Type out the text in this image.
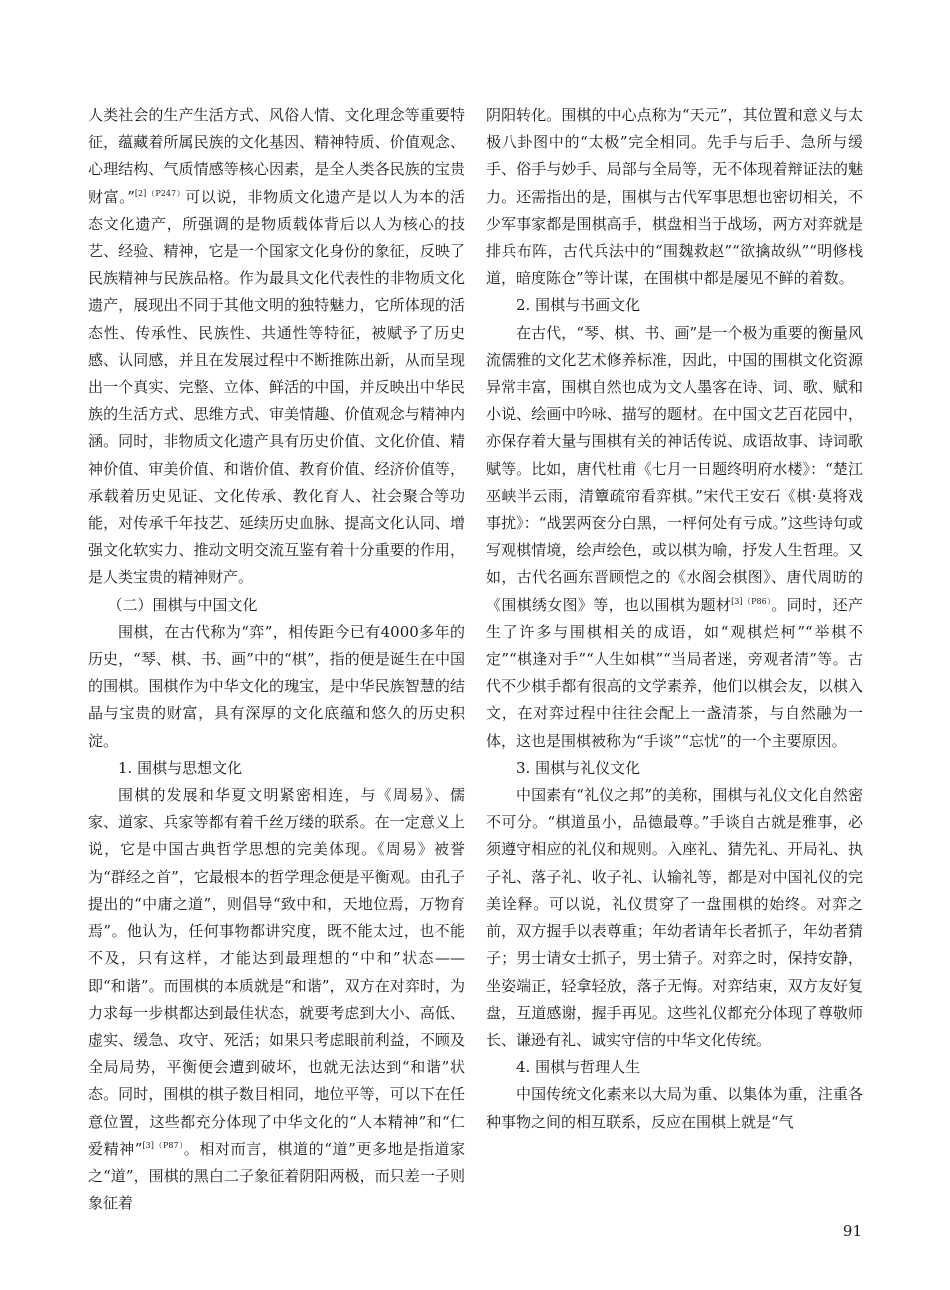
人类社会的生产生活方式、风俗人情、文化理念等重要特征，蕴藏着所属民族的文化基因、精神特质、价值观念、心理结构、气质情感等核心因素，是全人类各民族的宝贵财富。”$^{[2](P247)}$可以说，非物质文化遗产是以人为本的活态文化遗产，所强调的是物质载体背后以人为核心的技艺、经验、精神，它是一个国家文化身份的象征，反映了民族精神与民族品格。作为最具文化代表性的非物质文化遗产，展现出不同于其他文明的独特魅力，它所体现的活态性、传承性、民族性、共通性等特征，被赋予了历史感、认同感，并且在发展过程中不断推陈出新，从而呈现出一个真实、完整、立体、鲜活的中国，并反映出中华民族的生活方式、思维方式、审美情趣、价值观念与精神内涵。同时，非物质文化遗产具有历史价值、文化价值、精神价值、审美价值、和谐价值、教育价值、经济价值等，承载着历史见证、文化传承、教化育人、社会聚合等功能，对传承千年技艺、延续历史血脉、提高文化认同、增强文化软实力、推动文明交流互鉴有着十分重要的作用，是人类宝贵的精神财产。

（二）围棋与中国文化

围棋，在古代称为“弈”，相传距今已有4000多年的历史，“琴、棋、书、画”中的“棋”，指的便是诞生在中国的围棋。围棋作为中华文化的瑰宝，是中华民族智慧的结晶与宝贵的财富，具有深厚的文化底蕴和悠久的历史积淀。

1. 围棋与思想文化

围棋的发展和华夏文明紧密相连，与《周易》、儒家、道家、兵家等都有着千丝万缕的联系。在一定意义上说，它是中国古典哲学思想的完美体现。《周易》被誉为“群经之首”，它最根本的哲学理念便是平衡观。由孔子提出的“中庸之道”，则倡导“致中和，天地位焉，万物育焉”。他认为，任何事物都讲究度，既不能太过，也不能不及，只有这样，才能达到最理想的“中和”状态——即“和谐”。而围棋的本质就是“和谐”，双方在对弈时，为力求每一步棋都达到最佳状态，就要考虑到大小、高低、虚实、缓急、攻守、死活；如果只考虑眼前利益，不顾及全局局势，平衡便会遭到破坏，也就无法达到“和谐”状态。同时，围棋的棋子数目相同，地位平等，可以下在任意位置，这些都充分体现了中华文化的“人本精神”和“仁爱精神”$^{[3](P87)}$。相对而言，棋道的“道”更多地是指道家之“道”，围棋的黑白二子象征着阴阳两极，而只差一子则象征着

阴阳转化。围棋的中心点称为“天元”，其位置和意义与太极八卦图中的“太极”完全相同。先手与后手、急所与缓手、俗手与妙手、局部与全局等，无不体现着辩证法的魅力。还需指出的是，围棋与古代军事思想也密切相关，不少军事家都是围棋高手，棋盘相当于战场，两方对弈就是排兵布阵，古代兵法中的“围魏救赵”“欲擒故纵”“明修栈道，暗度陈仓”等计谋，在围棋中都是屡见不鲜的着数。

2. 围棋与书画文化

在古代，“琴、棋、书、画”是一个极为重要的衡量风流儒雅的文化艺术修养标准，因此，中国的围棋文化资源异常丰富，围棋自然也成为文人墨客在诗、词、歌、赋和小说、绘画中吟咏、描写的题材。在中国文艺百花园中，亦保存着大量与围棋有关的神话传说、成语故事、诗词歌赋等。比如，唐代杜甫《七月一日题终明府水楼》：“楚江巫峡半云雨，清簟疏帘看弈棋。”宋代王安石《棋·莫将戏事扰》：“战罢两奁分白黑，一枰何处有亏成。”这些诗句或写观棋情境，绘声绘色，或以棋为喻，抒发人生哲理。又如，古代名画东晋顾恺之的《水阁会棋图》、唐代周昉的《围棋绣女图》等，也以围棋为题材$^{[3](P86)}$。同时，还产生了许多与围棋相关的成语，如“观棋烂柯”“举棋不定”“棋逢对手”“人生如棋”“当局者迷，旁观者清”等。古代不少棋手都有很高的文学素养，他们以棋会友，以棋入文，在对弈过程中往往会配上一盏清茶，与自然融为一体，这也是围棋被称为“手谈”“忘忧”的一个主要原因。

3. 围棋与礼仪文化

中国素有“礼仪之邦”的美称，围棋与礼仪文化自然密不可分。“棋道虽小，品德最尊。”手谈自古就是雅事，必须遵守相应的礼仪和规则。入座礼、猜先礼、开局礼、执子礼、落子礼、收子礼、认输礼等，都是对中国礼仪的完美诠释。可以说，礼仪贯穿了一盘围棋的始终。对弈之前，双方握手以表尊重；年幼者请年长者抓子，年幼者猜子；男士请女士抓子，男士猜子。对弈之时，保持安静，坐姿端正，轻拿轻放，落子无悔。对弈结束，双方友好复盘，互道感谢，握手再见。这些礼仪都充分体现了尊敬师长、谦逊有礼、诚实守信的中华文化传统。

4. 围棋与哲理人生

中国传统文化素来以大局为重、以集体为重，注重各种事物之间的相互联系，反应在围棋上就是“气

91
